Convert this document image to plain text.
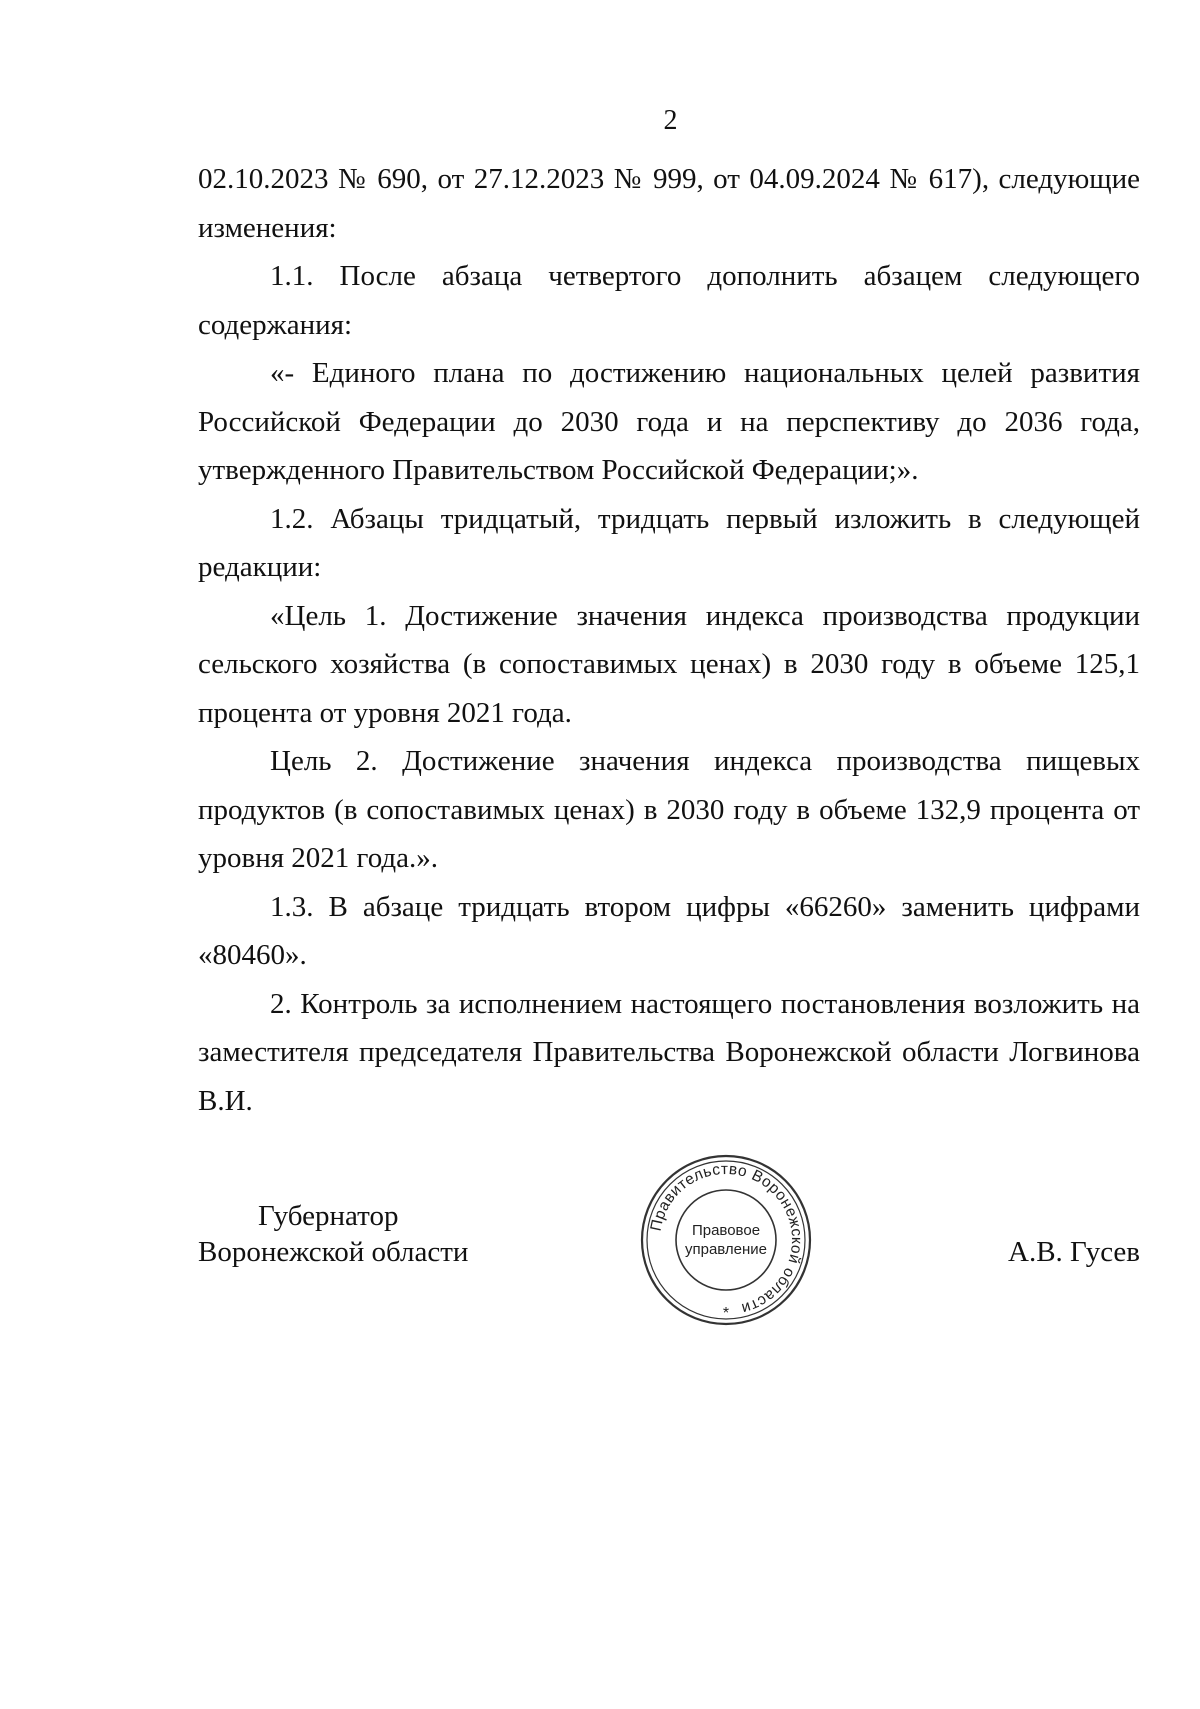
2

02.10.2023 № 690, от 27.12.2023 № 999, от 04.09.2024 № 617), следующие изменения:

1.1. После абзаца четвертого дополнить абзацем следующего содержания:

«- Единого плана по достижению национальных целей развития Российской Федерации до 2030 года и на перспективу до 2036 года, утвержденного Правительством Российской Федерации;».

1.2. Абзацы тридцатый, тридцать первый изложить в следующей редакции:

«Цель 1. Достижение значения индекса производства продукции сельского хозяйства (в сопоставимых ценах) в 2030 году в объеме 125,1 процента от уровня 2021 года.

Цель 2. Достижение значения индекса производства пищевых продуктов (в сопоставимых ценах) в 2030 году в объеме 132,9 процента от уровня 2021 года.».

1.3. В абзаце тридцать втором цифры «66260» заменить цифрами «80460».

2. Контроль за исполнением настоящего постановления возложить на заместителя председателя Правительства Воронежской области Логвинова В.И.

Губернатор
Воронежской области
Правительство Воронежской области
*
Правовое
управление	А.В. Гусев
